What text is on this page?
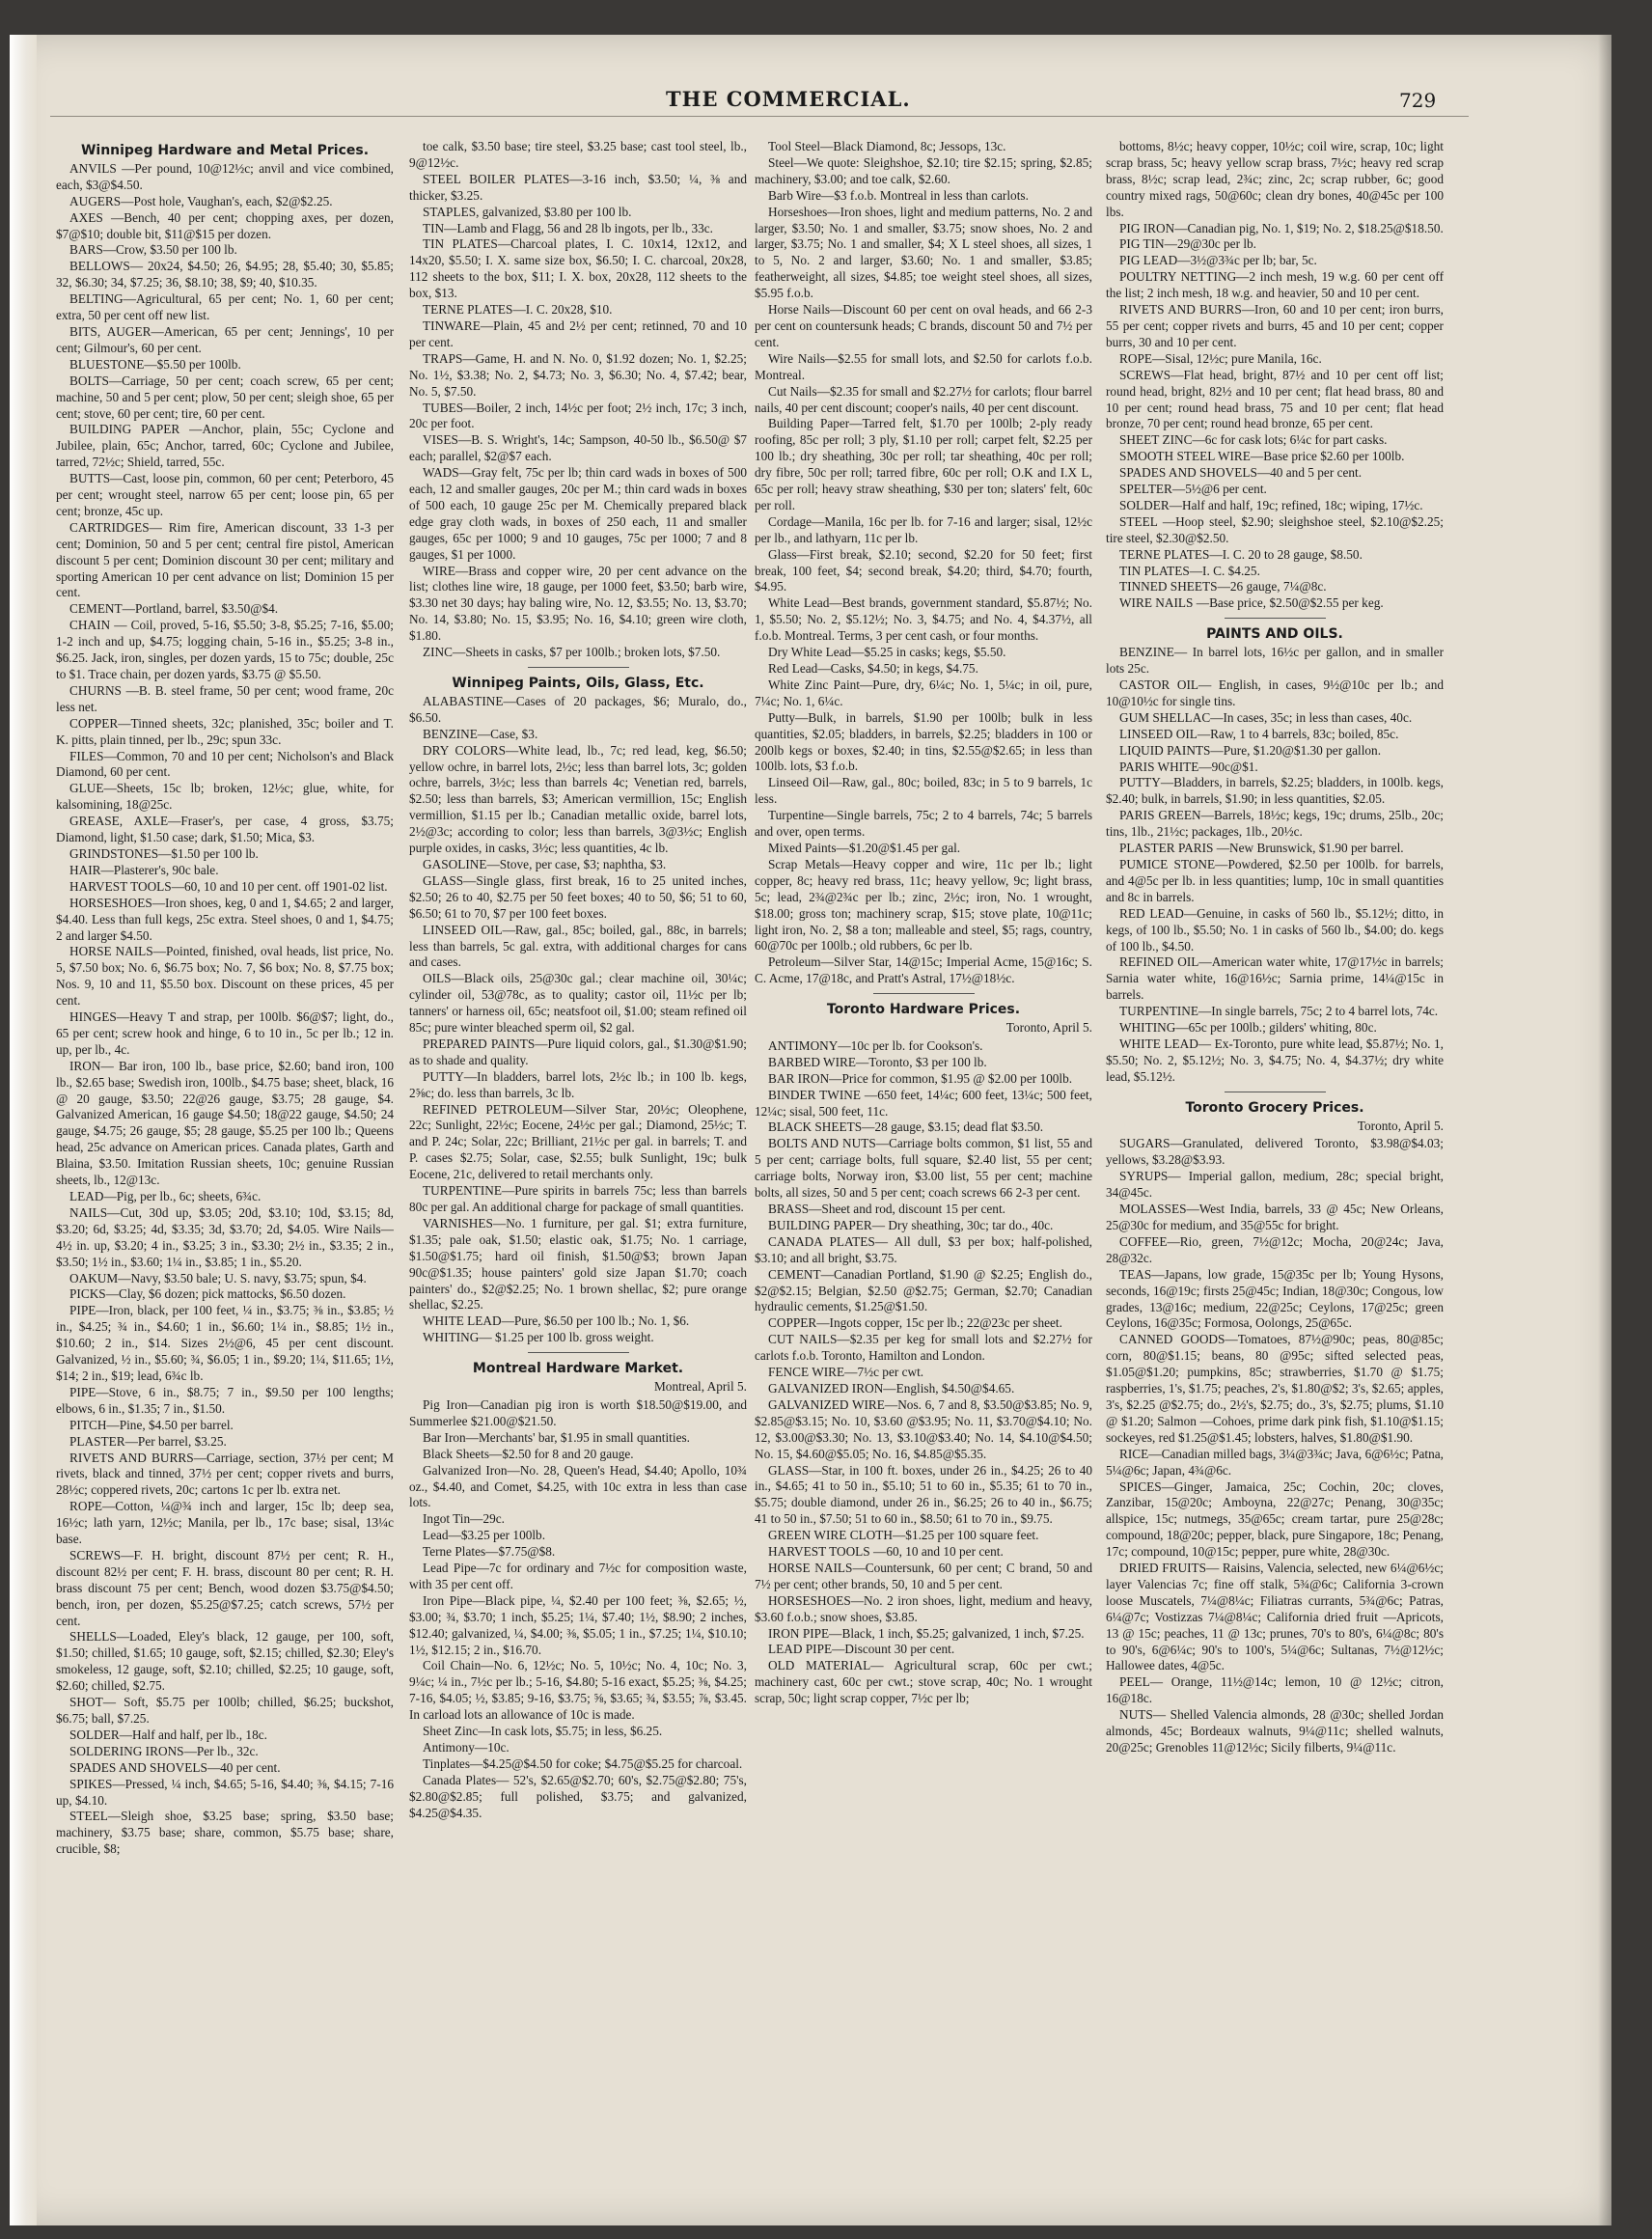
THE COMMERCIAL.	729
Winnipeg Hardware and Metal Prices.

ANVILS —Per pound, 10@12½c; anvil and vice combined, each, $3@$4.50.

AUGERS—Post hole, Vaughan's, each, $2@$2.25.

AXES —Bench, 40 per cent; chopping axes, per dozen, $7@$10; double bit, $11@$15 per dozen.

BARS—Crow, $3.50 per 100 lb.

BELLOWS— 20x24, $4.50; 26, $4.95; 28, $5.40; 30, $5.85; 32, $6.30; 34, $7.25; 36, $8.10; 38, $9; 40, $10.35.

BELTING—Agricultural, 65 per cent; No. 1, 60 per cent; extra, 50 per cent off new list.

BITS, AUGER—American, 65 per cent; Jennings', 10 per cent; Gilmour's, 60 per cent.

BLUESTONE—$5.50 per 100lb.

BOLTS—Carriage, 50 per cent; coach screw, 65 per cent; machine, 50 and 5 per cent; plow, 50 per cent; sleigh shoe, 65 per cent; stove, 60 per cent; tire, 60 per cent.

BUILDING PAPER —Anchor, plain, 55c; Cyclone and Jubilee, plain, 65c; Anchor, tarred, 60c; Cyclone and Jubilee, tarred, 72½c; Shield, tarred, 55c.

BUTTS—Cast, loose pin, common, 60 per cent; Peterboro, 45 per cent; wrought steel, narrow 65 per cent; loose pin, 65 per cent; bronze, 45c up.

CARTRIDGES— Rim fire, American discount, 33 1-3 per cent; Dominion, 50 and 5 per cent; central fire pistol, American discount 5 per cent; Dominion discount 30 per cent; military and sporting American 10 per cent advance on list; Dominion 15 per cent.

CEMENT—Portland, barrel, $3.50@$4.

CHAIN — Coil, proved, 5-16, $5.50; 3-8, $5.25; 7-16, $5.00; 1-2 inch and up, $4.75; logging chain, 5-16 in., $5.25; 3-8 in., $6.25. Jack, iron, singles, per dozen yards, 15 to 75c; double, 25c to $1. Trace chain, per dozen yards, $3.75 @ $5.50.

CHURNS —B. B. steel frame, 50 per cent; wood frame, 20c less net.

COPPER—Tinned sheets, 32c; planished, 35c; boiler and T. K. pitts, plain tinned, per lb., 29c; spun 33c.

FILES—Common, 70 and 10 per cent; Nicholson's and Black Diamond, 60 per cent.

GLUE—Sheets, 15c lb; broken, 12½c; glue, white, for kalsomining, 18@25c.

GREASE, AXLE—Fraser's, per case, 4 gross, $3.75; Diamond, light, $1.50 case; dark, $1.50; Mica, $3.

GRINDSTONES—$1.50 per 100 lb.

HAIR—Plasterer's, 90c bale.

HARVEST TOOLS—60, 10 and 10 per cent. off 1901-02 list.

HORSESHOES—Iron shoes, keg, 0 and 1, $4.65; 2 and larger, $4.40. Less than full kegs, 25c extra. Steel shoes, 0 and 1, $4.75; 2 and larger $4.50.

HORSE NAILS—Pointed, finished, oval heads, list price, No. 5, $7.50 box; No. 6, $6.75 box; No. 7, $6 box; No. 8, $7.75 box; Nos. 9, 10 and 11, $5.50 box. Discount on these prices, 45 per cent.

HINGES—Heavy T and strap, per 100lb. $6@$7; light, do., 65 per cent; screw hook and hinge, 6 to 10 in., 5c per lb.; 12 in. up, per lb., 4c.

IRON— Bar iron, 100 lb., base price, $2.60; band iron, 100 lb., $2.65 base; Swedish iron, 100lb., $4.75 base; sheet, black, 16 @ 20 gauge, $3.50; 22@26 gauge, $3.75; 28 gauge, $4. Galvanized American, 16 gauge $4.50; 18@22 gauge, $4.50; 24 gauge, $4.75; 26 gauge, $5; 28 gauge, $5.25 per 100 lb.; Queens head, 25c advance on American prices. Canada plates, Garth and Blaina, $3.50. Imitation Russian sheets, 10c; genuine Russian sheets, lb., 12@13c.

LEAD—Pig, per lb., 6c; sheets, 6¾c.

NAILS—Cut, 30d up, $3.05; 20d, $3.10; 10d, $3.15; 8d, $3.20; 6d, $3.25; 4d, $3.35; 3d, $3.70; 2d, $4.05. Wire Nails—4½ in. up, $3.20; 4 in., $3.25; 3 in., $3.30; 2½ in., $3.35; 2 in., $3.50; 1½ in., $3.60; 1¼ in., $3.85; 1 in., $5.20.

OAKUM—Navy, $3.50 bale; U. S. navy, $3.75; spun, $4.

PICKS—Clay, $6 dozen; pick mattocks, $6.50 dozen.

PIPE—Iron, black, per 100 feet, ¼ in., $3.75; ⅜ in., $3.85; ½ in., $4.25; ¾ in., $4.60; 1 in., $6.60; 1¼ in., $8.85; 1½ in., $10.60; 2 in., $14. Sizes 2½@6, 45 per cent discount. Galvanized, ½ in., $5.60; ¾, $6.05; 1 in., $9.20; 1¼, $11.65; 1½, $14; 2 in., $19; lead, 6¾c lb.

PIPE—Stove, 6 in., $8.75; 7 in., $9.50 per 100 lengths; elbows, 6 in., $1.35; 7 in., $1.50.

PITCH—Pine, $4.50 per barrel.

PLASTER—Per barrel, $3.25.

RIVETS AND BURRS—Carriage, section, 37½ per cent; M rivets, black and tinned, 37½ per cent; copper rivets and burrs, 28½c; coppered rivets, 20c; cartons 1c per lb. extra net.

ROPE—Cotton, ¼@¾ inch and larger, 15c lb; deep sea, 16½c; lath yarn, 12½c; Manila, per lb., 17c base; sisal, 13¼c base.

SCREWS—F. H. bright, discount 87½ per cent; R. H., discount 82½ per cent; F. H. brass, discount 80 per cent; R. H. brass discount 75 per cent; Bench, wood dozen $3.75@$4.50; bench, iron, per dozen, $5.25@$7.25; catch screws, 57½ per cent.

SHELLS—Loaded, Eley's black, 12 gauge, per 100, soft, $1.50; chilled, $1.65; 10 gauge, soft, $2.15; chilled, $2.30; Eley's smokeless, 12 gauge, soft, $2.10; chilled, $2.25; 10 gauge, soft, $2.60; chilled, $2.75.

SHOT— Soft, $5.75 per 100lb; chilled, $6.25; buckshot, $6.75; ball, $7.25.

SOLDER—Half and half, per lb., 18c.

SOLDERING IRONS—Per lb., 32c.

SPADES AND SHOVELS—40 per cent.

SPIKES—Pressed, ¼ inch, $4.65; 5-16, $4.40; ⅜, $4.15; 7-16 up, $4.10.

STEEL—Sleigh shoe, $3.25 base; spring, $3.50 base; machinery, $3.75 base; share, common, $5.75 base; share, crucible, $8;

toe calk, $3.50 base; tire steel, $3.25 base; cast tool steel, lb., 9@12½c.

STEEL BOILER PLATES—3-16 inch, $3.50; ¼, ⅜ and thicker, $3.25.

STAPLES, galvanized, $3.80 per 100 lb.

TIN—Lamb and Flagg, 56 and 28 lb ingots, per lb., 33c.

TIN PLATES—Charcoal plates, I. C. 10x14, 12x12, and 14x20, $5.50; I. X. same size box, $6.50; I. C. charcoal, 20x28, 112 sheets to the box, $11; I. X. box, 20x28, 112 sheets to the box, $13.

TERNE PLATES—I. C. 20x28, $10.

TINWARE—Plain, 45 and 2½ per cent; retinned, 70 and 10 per cent.

TRAPS—Game, H. and N. No. 0, $1.92 dozen; No. 1, $2.25; No. 1½, $3.38; No. 2, $4.73; No. 3, $6.30; No. 4, $7.42; bear, No. 5, $7.50.

TUBES—Boiler, 2 inch, 14½c per foot; 2½ inch, 17c; 3 inch, 20c per foot.

VISES—B. S. Wright's, 14c; Sampson, 40-50 lb., $6.50@ $7 each; parallel, $2@$7 each.

WADS—Gray felt, 75c per lb; thin card wads in boxes of 500 each, 12 and smaller gauges, 20c per M.; thin card wads in boxes of 500 each, 10 gauge 25c per M. Chemically prepared black edge gray cloth wads, in boxes of 250 each, 11 and smaller gauges, 65c per 1000; 9 and 10 gauges, 75c per 1000; 7 and 8 gauges, $1 per 1000.

WIRE—Brass and copper wire, 20 per cent advance on the list; clothes line wire, 18 gauge, per 1000 feet, $3.50; barb wire, $3.30 net 30 days; hay baling wire, No. 12, $3.55; No. 13, $3.70; No. 14, $3.80; No. 15, $3.95; No. 16, $4.10; green wire cloth, $1.80.

ZINC—Sheets in casks, $7 per 100lb.; broken lots, $7.50.

Winnipeg Paints, Oils, Glass, Etc.

ALABASTINE—Cases of 20 packages, $6; Muralo, do., $6.50.

BENZINE—Case, $3.

DRY COLORS—White lead, lb., 7c; red lead, keg, $6.50; yellow ochre, in barrel lots, 2½c; less than barrel lots, 3c; golden ochre, barrels, 3½c; less than barrels 4c; Venetian red, barrels, $2.50; less than barrels, $3; American vermillion, 15c; English vermillion, $1.15 per lb.; Canadian metallic oxide, barrel lots, 2½@3c; according to color; less than barrels, 3@3½c; English purple oxides, in casks, 3½c; less quantities, 4c lb.

GASOLINE—Stove, per case, $3; naphtha, $3.

GLASS—Single glass, first break, 16 to 25 united inches, $2.50; 26 to 40, $2.75 per 50 feet boxes; 40 to 50, $6; 51 to 60, $6.50; 61 to 70, $7 per 100 feet boxes.

LINSEED OIL—Raw, gal., 85c; boiled, gal., 88c, in barrels; less than barrels, 5c gal. extra, with additional charges for cans and cases.

OILS—Black oils, 25@30c gal.; clear machine oil, 30¼c; cylinder oil, 53@78c, as to quality; castor oil, 11½c per lb; tanners' or harness oil, 65c; neatsfoot oil, $1.00; steam refined oil 85c; pure winter bleached sperm oil, $2 gal.

PREPARED PAINTS—Pure liquid colors, gal., $1.30@$1.90; as to shade and quality.

PUTTY—In bladders, barrel lots, 2½c lb.; in 100 lb. kegs, 2⅝c; do. less than barrels, 3c lb.

REFINED PETROLEUM—Silver Star, 20½c; Oleophene, 22c; Sunlight, 22½c; Eocene, 24½c per gal.; Diamond, 25½c; T. and P. 24c; Solar, 22c; Brilliant, 21½c per gal. in barrels; T. and P. cases $2.75; Solar, case, $2.55; bulk Sunlight, 19c; bulk Eocene, 21c, delivered to retail merchants only.

TURPENTINE—Pure spirits in barrels 75c; less than barrels 80c per gal. An additional charge for package of small quantities.

VARNISHES—No. 1 furniture, per gal. $1; extra furniture, $1.35; pale oak, $1.50; elastic oak, $1.75; No. 1 carriage, $1.50@$1.75; hard oil finish, $1.50@$3; brown Japan 90c@$1.35; house painters' gold size Japan $1.70; coach painters' do., $2@$2.25; No. 1 brown shellac, $2; pure orange shellac, $2.25.

WHITE LEAD—Pure, $6.50 per 100 lb.; No. 1, $6.

WHITING— $1.25 per 100 lb. gross weight.

Montreal Hardware Market.
Montreal, April 5.

Pig Iron—Canadian pig iron is worth $18.50@$19.00, and Summerlee $21.00@$21.50.

Bar Iron—Merchants' bar, $1.95 in small quantities.

Black Sheets—$2.50 for 8 and 20 gauge.

Galvanized Iron—No. 28, Queen's Head, $4.40; Apollo, 10¾ oz., $4.40, and Comet, $4.25, with 10c extra in less than case lots.

Ingot Tin—29c.

Lead—$3.25 per 100lb.

Terne Plates—$7.75@$8.

Lead Pipe—7c for ordinary and 7½c for composition waste, with 35 per cent off.

Iron Pipe—Black pipe, ¼, $2.40 per 100 feet; ⅜, $2.65; ½, $3.00; ¾, $3.70; 1 inch, $5.25; 1¼, $7.40; 1½, $8.90; 2 inches, $12.40; galvanized, ¼, $4.00; ⅜, $5.05; 1 in., $7.25; 1¼, $10.10; 1½, $12.15; 2 in., $16.70.

Coil Chain—No. 6, 12½c; No. 5, 10½c; No. 4, 10c; No. 3, 9¼c; ¼ in., 7½c per lb.; 5-16, $4.80; 5-16 exact, $5.25; ⅜, $4.25; 7-16, $4.05; ½, $3.85; 9-16, $3.75; ⅝, $3.65; ¾, $3.55; ⅞, $3.45. In carload lots an allowance of 10c is made.

Sheet Zinc—In cask lots, $5.75; in less, $6.25.

Antimony—10c.

Tinplates—$4.25@$4.50 for coke; $4.75@$5.25 for charcoal.

Canada Plates— 52's, $2.65@$2.70; 60's, $2.75@$2.80; 75's, $2.80@$2.85; full polished, $3.75; and galvanized, $4.25@$4.35.

Tool Steel—Black Diamond, 8c; Jessops, 13c.

Steel—We quote: Sleighshoe, $2.10; tire $2.15; spring, $2.85; machinery, $3.00; and toe calk, $2.60.

Barb Wire—$3 f.o.b. Montreal in less than carlots.

Horseshoes—Iron shoes, light and medium patterns, No. 2 and larger, $3.50; No. 1 and smaller, $3.75; snow shoes, No. 2 and larger, $3.75; No. 1 and smaller, $4; X L steel shoes, all sizes, 1 to 5, No. 2 and larger, $3.60; No. 1 and smaller, $3.85; featherweight, all sizes, $4.85; toe weight steel shoes, all sizes, $5.95 f.o.b.

Horse Nails—Discount 60 per cent on oval heads, and 66 2-3 per cent on countersunk heads; C brands, discount 50 and 7½ per cent.

Wire Nails—$2.55 for small lots, and $2.50 for carlots f.o.b. Montreal.

Cut Nails—$2.35 for small and $2.27½ for carlots; flour barrel nails, 40 per cent discount; cooper's nails, 40 per cent discount.

Building Paper—Tarred felt, $1.70 per 100lb; 2-ply ready roofing, 85c per roll; 3 ply, $1.10 per roll; carpet felt, $2.25 per 100 lb.; dry sheathing, 30c per roll; tar sheathing, 40c per roll; dry fibre, 50c per roll; tarred fibre, 60c per roll; O.K and I.X L, 65c per roll; heavy straw sheathing, $30 per ton; slaters' felt, 60c per roll.

Cordage—Manila, 16c per lb. for 7-16 and larger; sisal, 12½c per lb., and lathyarn, 11c per lb.

Glass—First break, $2.10; second, $2.20 for 50 feet; first break, 100 feet, $4; second break, $4.20; third, $4.70; fourth, $4.95.

White Lead—Best brands, government standard, $5.87½; No. 1, $5.50; No. 2, $5.12½; No. 3, $4.75; and No. 4, $4.37½, all f.o.b. Montreal. Terms, 3 per cent cash, or four months.

Dry White Lead—$5.25 in casks; kegs, $5.50.

Red Lead—Casks, $4.50; in kegs, $4.75.

White Zinc Paint—Pure, dry, 6¼c; No. 1, 5¼c; in oil, pure, 7¼c; No. 1, 6¼c.

Putty—Bulk, in barrels, $1.90 per 100lb; bulk in less quantities, $2.05; bladders, in barrels, $2.25; bladders in 100 or 200lb kegs or boxes, $2.40; in tins, $2.55@$2.65; in less than 100lb. lots, $3 f.o.b.

Linseed Oil—Raw, gal., 80c; boiled, 83c; in 5 to 9 barrels, 1c less.

Turpentine—Single barrels, 75c; 2 to 4 barrels, 74c; 5 barrels and over, open terms.

Mixed Paints—$1.20@$1.45 per gal.

Scrap Metals—Heavy copper and wire, 11c per lb.; light copper, 8c; heavy red brass, 11c; heavy yellow, 9c; light brass, 5c; lead, 2¾@2¾c per lb.; zinc, 2½c; iron, No. 1 wrought, $18.00; gross ton; machinery scrap, $15; stove plate, 10@11c; light iron, No. 2, $8 a ton; malleable and steel, $5; rags, country, 60@70c per 100lb.; old rubbers, 6c per lb.

Petroleum—Silver Star, 14@15c; Imperial Acme, 15@16c; S. C. Acme, 17@18c, and Pratt's Astral, 17½@18½c.

Toronto Hardware Prices.
Toronto, April 5.

ANTIMONY—10c per lb. for Cookson's.

BARBED WIRE—Toronto, $3 per 100 lb.

BAR IRON—Price for common, $1.95 @ $2.00 per 100lb.

BINDER TWINE —650 feet, 14¼c; 600 feet, 13¼c; 500 feet, 12¼c; sisal, 500 feet, 11c.

BLACK SHEETS—28 gauge, $3.15; dead flat $3.50.

BOLTS AND NUTS—Carriage bolts common, $1 list, 55 and 5 per cent; carriage bolts, full square, $2.40 list, 55 per cent; carriage bolts, Norway iron, $3.00 list, 55 per cent; machine bolts, all sizes, 50 and 5 per cent; coach screws 66 2-3 per cent.

BRASS—Sheet and rod, discount 15 per cent.

BUILDING PAPER— Dry sheathing, 30c; tar do., 40c.

CANADA PLATES— All dull, $3 per box; half-polished, $3.10; and all bright, $3.75.

CEMENT—Canadian Portland, $1.90 @ $2.25; English do., $2@$2.15; Belgian, $2.50 @$2.75; German, $2.70; Canadian hydraulic cements, $1.25@$1.50.

COPPER—Ingots copper, 15c per lb.; 22@23c per sheet.

CUT NAILS—$2.35 per keg for small lots and $2.27½ for carlots f.o.b. Toronto, Hamilton and London.

FENCE WIRE—7½c per cwt.

GALVANIZED IRON—English, $4.50@$4.65.

GALVANIZED WIRE—Nos. 6, 7 and 8, $3.50@$3.85; No. 9, $2.85@$3.15; No. 10, $3.60 @$3.95; No. 11, $3.70@$4.10; No. 12, $3.00@$3.30; No. 13, $3.10@$3.40; No. 14, $4.10@$4.50; No. 15, $4.60@$5.05; No. 16, $4.85@$5.35.

GLASS—Star, in 100 ft. boxes, under 26 in., $4.25; 26 to 40 in., $4.65; 41 to 50 in., $5.10; 51 to 60 in., $5.35; 61 to 70 in., $5.75; double diamond, under 26 in., $6.25; 26 to 40 in., $6.75; 41 to 50 in., $7.50; 51 to 60 in., $8.50; 61 to 70 in., $9.75.

GREEN WIRE CLOTH—$1.25 per 100 square feet.

HARVEST TOOLS —60, 10 and 10 per cent.

HORSE NAILS—Countersunk, 60 per cent; C brand, 50 and 7½ per cent; other brands, 50, 10 and 5 per cent.

HORSESHOES—No. 2 iron shoes, light, medium and heavy, $3.60 f.o.b.; snow shoes, $3.85.

IRON PIPE—Black, 1 inch, $5.25; galvanized, 1 inch, $7.25.

LEAD PIPE—Discount 30 per cent.

OLD MATERIAL— Agricultural scrap, 60c per cwt.; machinery cast, 60c per cwt.; stove scrap, 40c; No. 1 wrought scrap, 50c; light scrap copper, 7½c per lb;

bottoms, 8½c; heavy copper, 10½c; coil wire, scrap, 10c; light scrap brass, 5c; heavy yellow scrap brass, 7½c; heavy red scrap brass, 8½c; scrap lead, 2¾c; zinc, 2c; scrap rubber, 6c; good country mixed rags, 50@60c; clean dry bones, 40@45c per 100 lbs.

PIG IRON—Canadian pig, No. 1, $19; No. 2, $18.25@$18.50.

PIG TIN—29@30c per lb.

PIG LEAD—3½@3¾c per lb; bar, 5c.

POULTRY NETTING—2 inch mesh, 19 w.g. 60 per cent off the list; 2 inch mesh, 18 w.g. and heavier, 50 and 10 per cent.

RIVETS AND BURRS—Iron, 60 and 10 per cent; iron burrs, 55 per cent; copper rivets and burrs, 45 and 10 per cent; copper burrs, 30 and 10 per cent.

ROPE—Sisal, 12½c; pure Manila, 16c.

SCREWS—Flat head, bright, 87½ and 10 per cent off list; round head, bright, 82½ and 10 per cent; flat head brass, 80 and 10 per cent; round head brass, 75 and 10 per cent; flat head bronze, 70 per cent; round head bronze, 65 per cent.

SHEET ZINC—6c for cask lots; 6¼c for part casks.

SMOOTH STEEL WIRE—Base price $2.60 per 100lb.

SPADES AND SHOVELS—40 and 5 per cent.

SPELTER—5½@6 per cent.

SOLDER—Half and half, 19c; refined, 18c; wiping, 17½c.

STEEL —Hoop steel, $2.90; sleighshoe steel, $2.10@$2.25; tire steel, $2.30@$2.50.

TERNE PLATES—I. C. 20 to 28 gauge, $8.50.

TIN PLATES—I. C. $4.25.

TINNED SHEETS—26 gauge, 7¼@8c.

WIRE NAILS —Base price, $2.50@$2.55 per keg.

PAINTS AND OILS.

BENZINE— In barrel lots, 16½c per gallon, and in smaller lots 25c.

CASTOR OIL— English, in cases, 9½@10c per lb.; and 10@10½c for single tins.

GUM SHELLAC—In cases, 35c; in less than cases, 40c.

LINSEED OIL—Raw, 1 to 4 barrels, 83c; boiled, 85c.

LIQUID PAINTS—Pure, $1.20@$1.30 per gallon.

PARIS WHITE—90c@$1.

PUTTY—Bladders, in barrels, $2.25; bladders, in 100lb. kegs, $2.40; bulk, in barrels, $1.90; in less quantities, $2.05.

PARIS GREEN—Barrels, 18½c; kegs, 19c; drums, 25lb., 20c; tins, 1lb., 21½c; packages, 1lb., 20½c.

PLASTER PARIS —New Brunswick, $1.90 per barrel.

PUMICE STONE—Powdered, $2.50 per 100lb. for barrels, and 4@5c per lb. in less quantities; lump, 10c in small quantities and 8c in barrels.

RED LEAD—Genuine, in casks of 560 lb., $5.12½; ditto, in kegs, of 100 lb., $5.50; No. 1 in casks of 560 lb., $4.00; do. kegs of 100 lb., $4.50.

REFINED OIL—American water white, 17@17½c in barrels; Sarnia water white, 16@16½c; Sarnia prime, 14¼@15c in barrels.

TURPENTINE—In single barrels, 75c; 2 to 4 barrel lots, 74c.

WHITING—65c per 100lb.; gilders' whiting, 80c.

WHITE LEAD— Ex-Toronto, pure white lead, $5.87½; No. 1, $5.50; No. 2, $5.12½; No. 3, $4.75; No. 4, $4.37½; dry white lead, $5.12½.

Toronto Grocery Prices.
Toronto, April 5.

SUGARS—Granulated, delivered Toronto, $3.98@$4.03; yellows, $3.28@$3.93.

SYRUPS— Imperial gallon, medium, 28c; special bright, 34@45c.

MOLASSES—West India, barrels, 33 @ 45c; New Orleans, 25@30c for medium, and 35@55c for bright.

COFFEE—Rio, green, 7½@12c; Mocha, 20@24c; Java, 28@32c.

TEAS—Japans, low grade, 15@35c per lb; Young Hysons, seconds, 16@19c; firsts 25@45c; Indian, 18@30c; Congous, low grades, 13@16c; medium, 22@25c; Ceylons, 17@25c; green Ceylons, 16@35c; Formosa, Oolongs, 25@65c.

CANNED GOODS—Tomatoes, 87½@90c; peas, 80@85c; corn, 80@$1.15; beans, 80 @95c; sifted selected peas, $1.05@$1.20; pumpkins, 85c; strawberries, $1.70 @ $1.75; raspberries, 1's, $1.75; peaches, 2's, $1.80@$2; 3's, $2.65; apples, 3's, $2.25 @$2.75; do., 2½'s, $2.75; do., 3's, $2.75; plums, $1.10 @ $1.20; Salmon —Cohoes, prime dark pink fish, $1.10@$1.15; sockeyes, red $1.25@$1.45; lobsters, halves, $1.80@$1.90.

RICE—Canadian milled bags, 3¼@3¾c; Java, 6@6½c; Patna, 5¼@6c; Japan, 4¾@6c.

SPICES—Ginger, Jamaica, 25c; Cochin, 20c; cloves, Zanzibar, 15@20c; Amboyna, 22@27c; Penang, 30@35c; allspice, 15c; nutmegs, 35@65c; cream tartar, pure 25@28c; compound, 18@20c; pepper, black, pure Singapore, 18c; Penang, 17c; compound, 10@15c; pepper, pure white, 28@30c.

DRIED FRUITS— Raisins, Valencia, selected, new 6¼@6½c; layer Valencias 7c; fine off stalk, 5¾@6c; California 3-crown loose Muscatels, 7¼@8¼c; Filiatras currants, 5¾@6c; Patras, 6¼@7c; Vostizzas 7¼@8¼c; California dried fruit —Apricots, 13 @ 15c; peaches, 11 @ 13c; prunes, 70's to 80's, 6¼@8c; 80's to 90's, 6@6¼c; 90's to 100's, 5¼@6c; Sultanas, 7½@12½c; Hallowee dates, 4@5c.

PEEL— Orange, 11½@14c; lemon, 10 @ 12½c; citron, 16@18c.

NUTS— Shelled Valencia almonds, 28 @30c; shelled Jordan almonds, 45c; Bordeaux walnuts, 9¼@11c; shelled walnuts, 20@25c; Grenobles 11@12½c; Sicily filberts, 9¼@11c.
